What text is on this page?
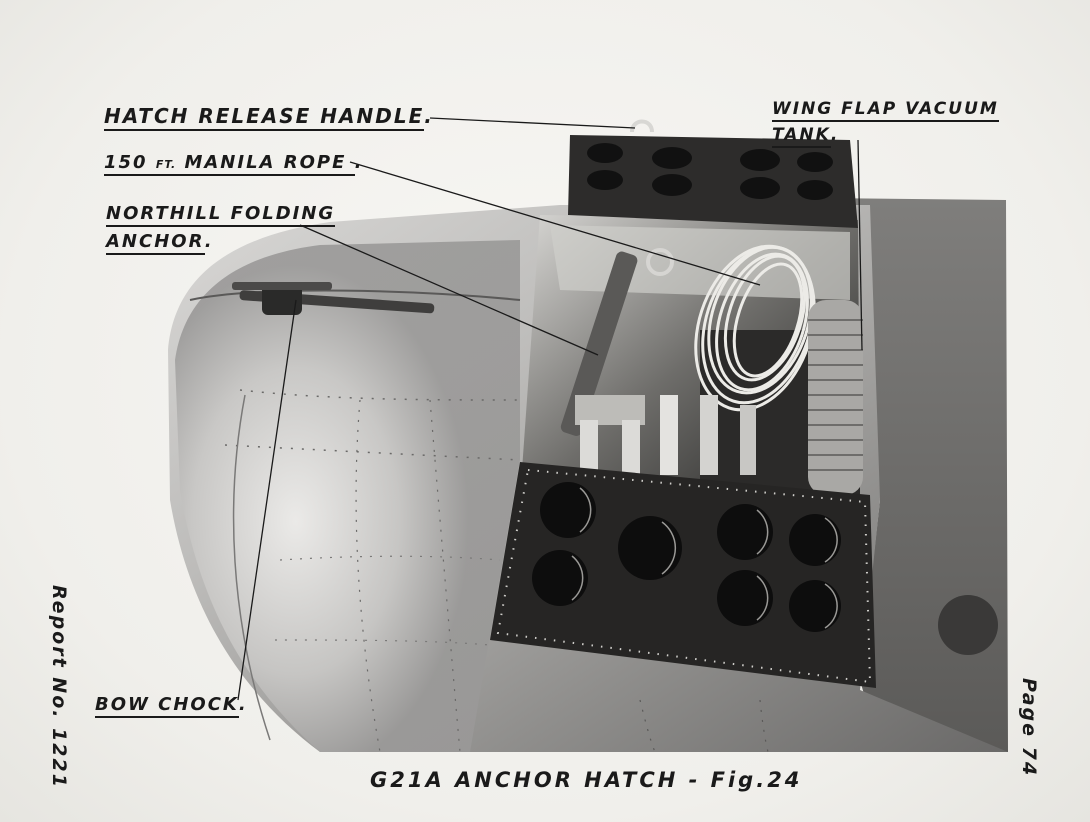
HATCH RELEASE HANDLE.
150 FT. MANILA ROPE .
NORTHILL FOLDING
ANCHOR.
WING FLAP VACUUM
TANK.
BOW CHOCK.
G21A ANCHOR HATCH - Fig.24
Report No. 1221	Page 74
